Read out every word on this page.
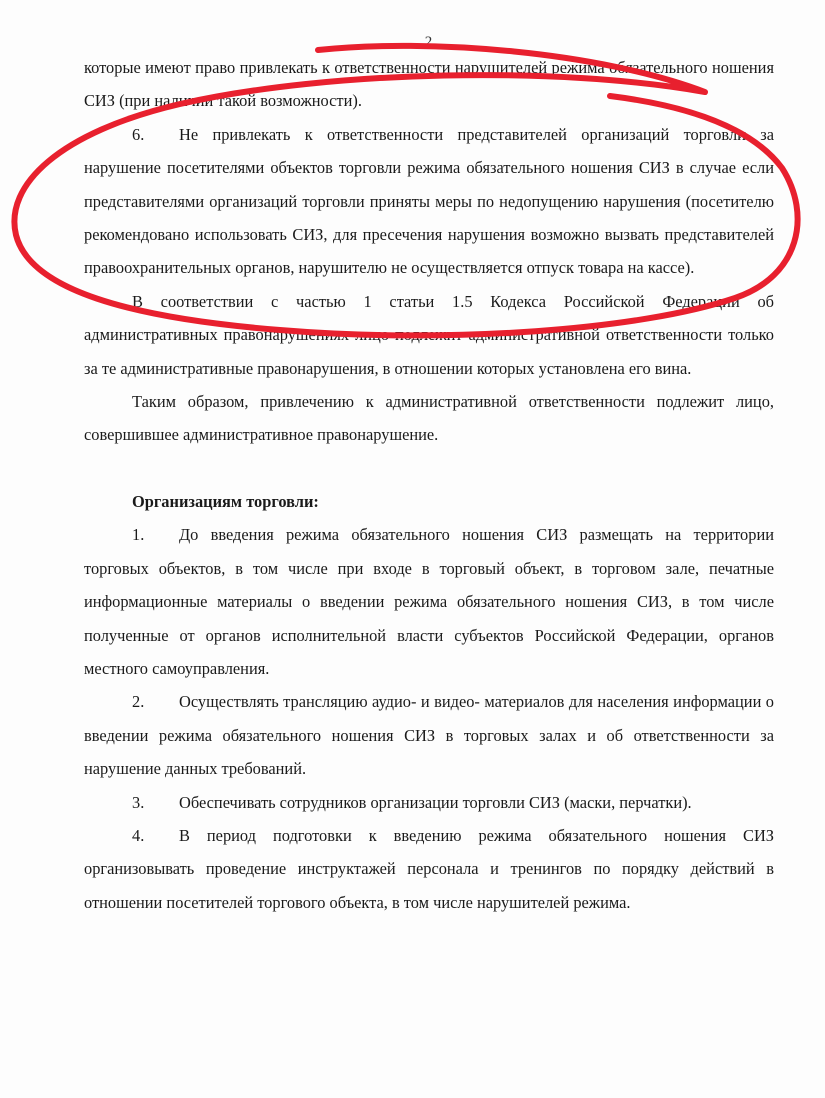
2

которые имеют право привлекать к ответственности нарушителей режима обязательного ношения СИЗ (при наличии такой возможности).

6. Не привлекать к ответственности представителей организаций торговли за нарушение посетителями объектов торговли режима обязательного ношения СИЗ в случае если представителями организаций торговли приняты меры по недопущению нарушения (посетителю рекомендовано использовать СИЗ, для пресечения нарушения возможно вызвать представителей правоохранительных органов, нарушителю не осуществляется отпуск товара на кассе).

В соответствии с частью 1 статьи 1.5 Кодекса Российской Федерации об административных правонарушениях лицо подлежит административной ответственности только за те административные правонарушения, в отношении которых установлена его вина.

Таким образом, привлечению к административной ответственности подлежит лицо, совершившее административное правонарушение.

Организациям торговли:

1. До введения режима обязательного ношения СИЗ размещать на территории торговых объектов, в том числе при входе в торговый объект, в торговом зале, печатные информационные материалы о введении режима обязательного ношения СИЗ, в том числе полученные от органов исполнительной власти субъектов Российской Федерации, органов местного самоуправления.

2. Осуществлять трансляцию аудио- и видео- материалов для населения информации о введении режима обязательного ношения СИЗ в торговых залах и об ответственности за нарушение данных требований.

3. Обеспечивать сотрудников организации торговли СИЗ (маски, перчатки).

4. В период подготовки к введению режима обязательного ношения СИЗ организовывать проведение инструктажей персонала и тренингов по порядку действий в отношении посетителей торгового объекта, в том числе нарушителей режима.
